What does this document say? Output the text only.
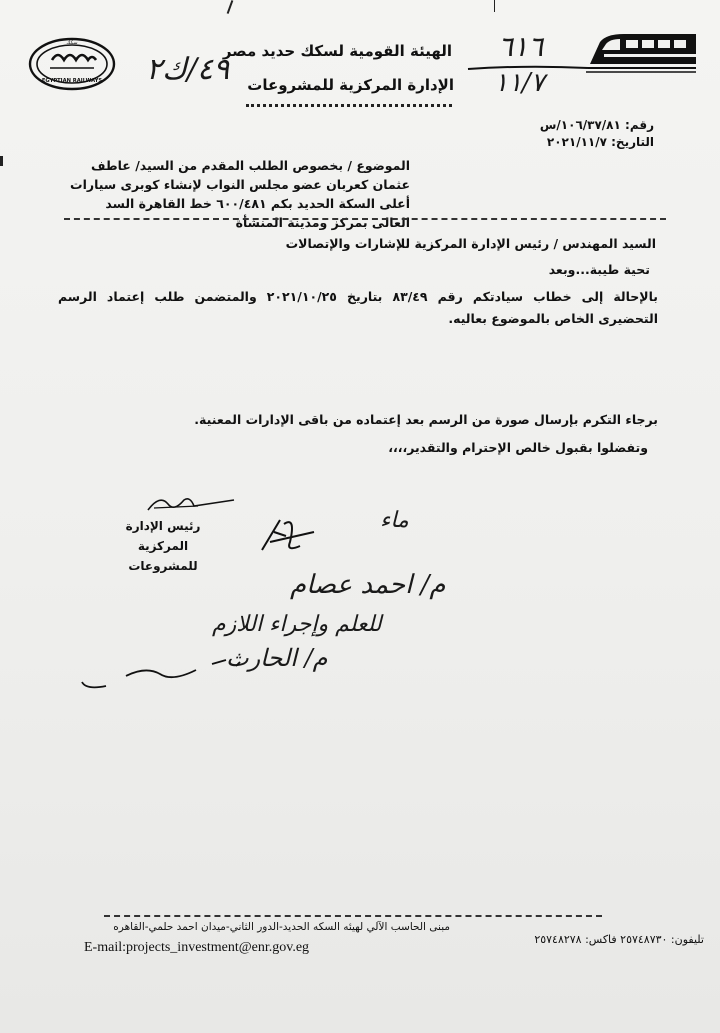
سكك
EGYPTIAN RAILWAYS
الهيئة القومية لسكك حديد مصر
الإدارة المركزية للمشروعات
٤٩/ك٢
٦١٦
١١/٧
رقم: ١٠٦/٣٧/٨١/س
التاريخ: ٢٠٢١/١١/٧
الموضوع / بخصوص الطلب المقدم من السيد/ عاطف عثمان كعربان عضو مجلس النواب لإنشاء كوبرى سيارات أعلى السكة الحديد بكم ٦٠٠/٤٨١ خط القاهرة السد العالى بمركز ومدينة المنشأة
السيد المهندس / رئيس الإدارة المركزية للإشارات والإتصالات
تحية طيبة...وبعد
بالإحالة إلى خطاب سيادتكم رقم ٨٣/٤٩ بتاريخ ٢٠٢١/١٠/٢٥ والمتضمن طلب إعتماد الرسم التحضيرى الخاص بالموضوع بعاليه.
برجاء التكرم بإرسال صورة من الرسم بعد إعتماده من باقى الإدارات المعنية.
وتفضلوا بقبول خالص الإحترام والتقدير،،،،
رئيس الإدارة المركزية
للمشروعات
ماء
م/ احمد عصام
للعلم وإجراء اللازم
م/ الحارث
مبنى الحاسب الآلي لهيئه السكه الحديد-الدور الثاني-ميدان احمد حلمي-القاهره
تليفون: ٢٥٧٤٨٧٣٠ فاكس: ٢٥٧٤٨٢٧٨
E-mail:projects_investment@enr.gov.eg
